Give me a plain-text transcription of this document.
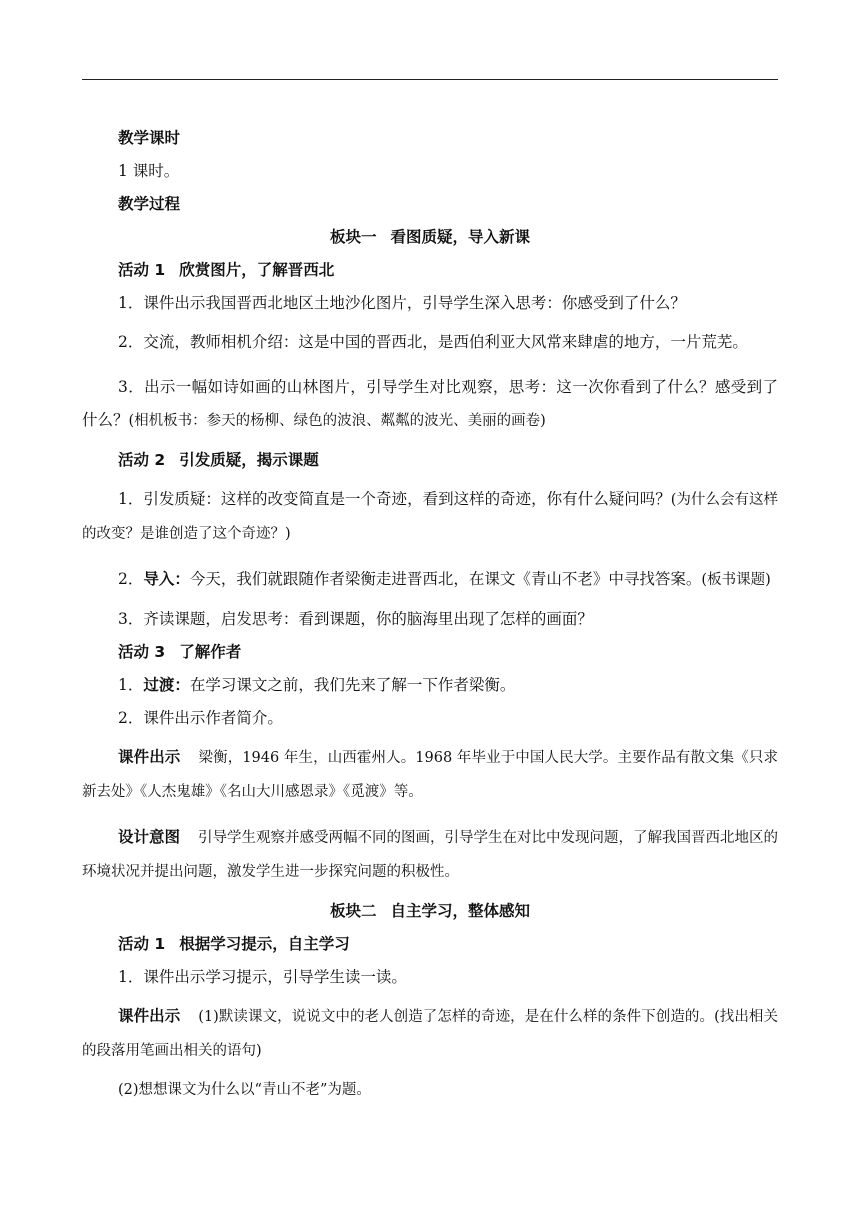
教学课时

1 课时。

教学过程

板块一 看图质疑，导入新课

活动 1 欣赏图片，了解晋西北

1．课件出示我国晋西北地区土地沙化图片，引导学生深入思考：你感受到了什么？

2．交流，教师相机介绍：这是中国的晋西北，是西伯利亚大风常来肆虐的地方，一片荒芜。

3．出示一幅如诗如画的山林图片，引导学生对比观察，思考：这一次你看到了什么？感受到了什么？(相机板书：参天的杨柳、绿色的波浪、粼粼的波光、美丽的画卷)

活动 2 引发质疑，揭示课题

1．引发质疑：这样的改变简直是一个奇迹，看到这样的奇迹，你有什么疑问吗？(为什么会有这样的改变？是谁创造了这个奇迹？)

2．导入：今天，我们就跟随作者梁衡走进晋西北，在课文《青山不老》中寻找答案。(板书课题)

3．齐读课题，启发思考：看到课题，你的脑海里出现了怎样的画面？

活动 3 了解作者

1．过渡：在学习课文之前，我们先来了解一下作者梁衡。

2．课件出示作者简介。

课件出示 梁衡，1946 年生，山西霍州人。1968 年毕业于中国人民大学。主要作品有散文集《只求新去处》《人杰鬼雄》《名山大川感恩录》《觅渡》等。

设计意图 引导学生观察并感受两幅不同的图画，引导学生在对比中发现问题，了解我国晋西北地区的环境状况并提出问题，激发学生进一步探究问题的积极性。

板块二 自主学习，整体感知

活动 1 根据学习提示，自主学习

1．课件出示学习提示，引导学生读一读。

课件出示 (1)默读课文，说说文中的老人创造了怎样的奇迹，是在什么样的条件下创造的。(找出相关的段落用笔画出相关的语句)

(2)想想课文为什么以“青山不老”为题。
